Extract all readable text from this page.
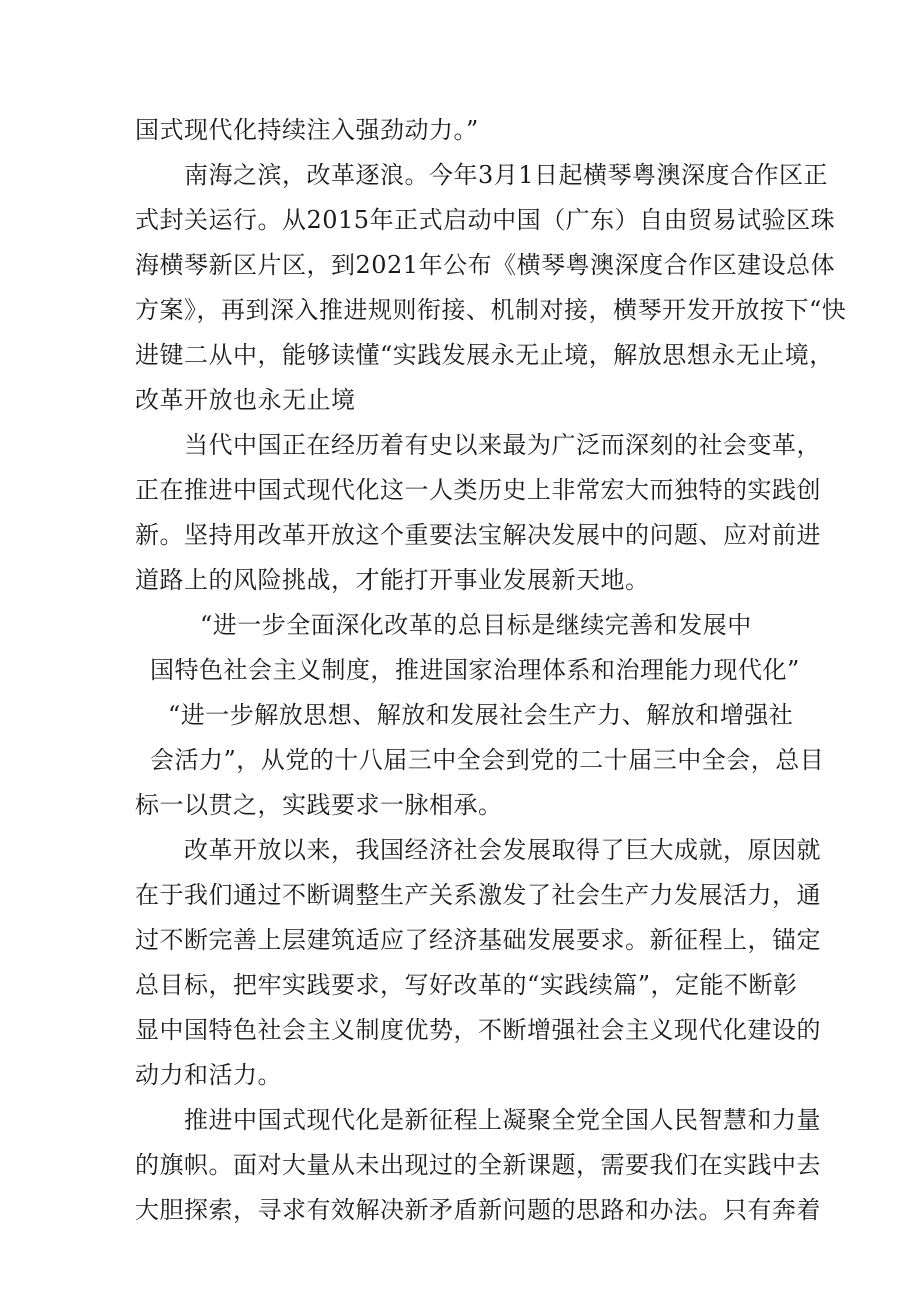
国式现代化持续注入强劲动力。”
南海之滨，改革逐浪。今年3月1日起横琴粤澳深度合作区正
式封关运行。从2015年正式启动中国（广东）自由贸易试验区珠
海横琴新区片区，到2021年公布《横琴粤澳深度合作区建设总体
方案》，再到深入推进规则衔接、机制对接，横琴开发开放按下“快
进键二从中，能够读懂“实践发展永无止境，解放思想永无止境，
改革开放也永无止境
当代中国正在经历着有史以来最为广泛而深刻的社会变革，
正在推进中国式现代化这一人类历史上非常宏大而独特的实践创
新。坚持用改革开放这个重要法宝解决发展中的问题、应对前进
道路上的风险挑战，才能打开事业发展新天地。
“进一步全面深化改革的总目标是继续完善和发展中
国特色社会主义制度，推进国家治理体系和治理能力现代化”
“进一步解放思想、解放和发展社会生产力、解放和增强社
会活力”，从党的十八届三中全会到党的二十届三中全会，总目
标一以贯之，实践要求一脉相承。
改革开放以来，我国经济社会发展取得了巨大成就，原因就
在于我们通过不断调整生产关系激发了社会生产力发展活力，通
过不断完善上层建筑适应了经济基础发展要求。新征程上，锚定
总目标，把牢实践要求，写好改革的“实践续篇”，定能不断彰
显中国特色社会主义制度优势，不断增强社会主义现代化建设的
动力和活力。
推进中国式现代化是新征程上凝聚全党全国人民智慧和力量
的旗帜。面对大量从未出现过的全新课题，需要我们在实践中去
大胆探索，寻求有效解决新矛盾新问题的思路和办法。只有奔着
